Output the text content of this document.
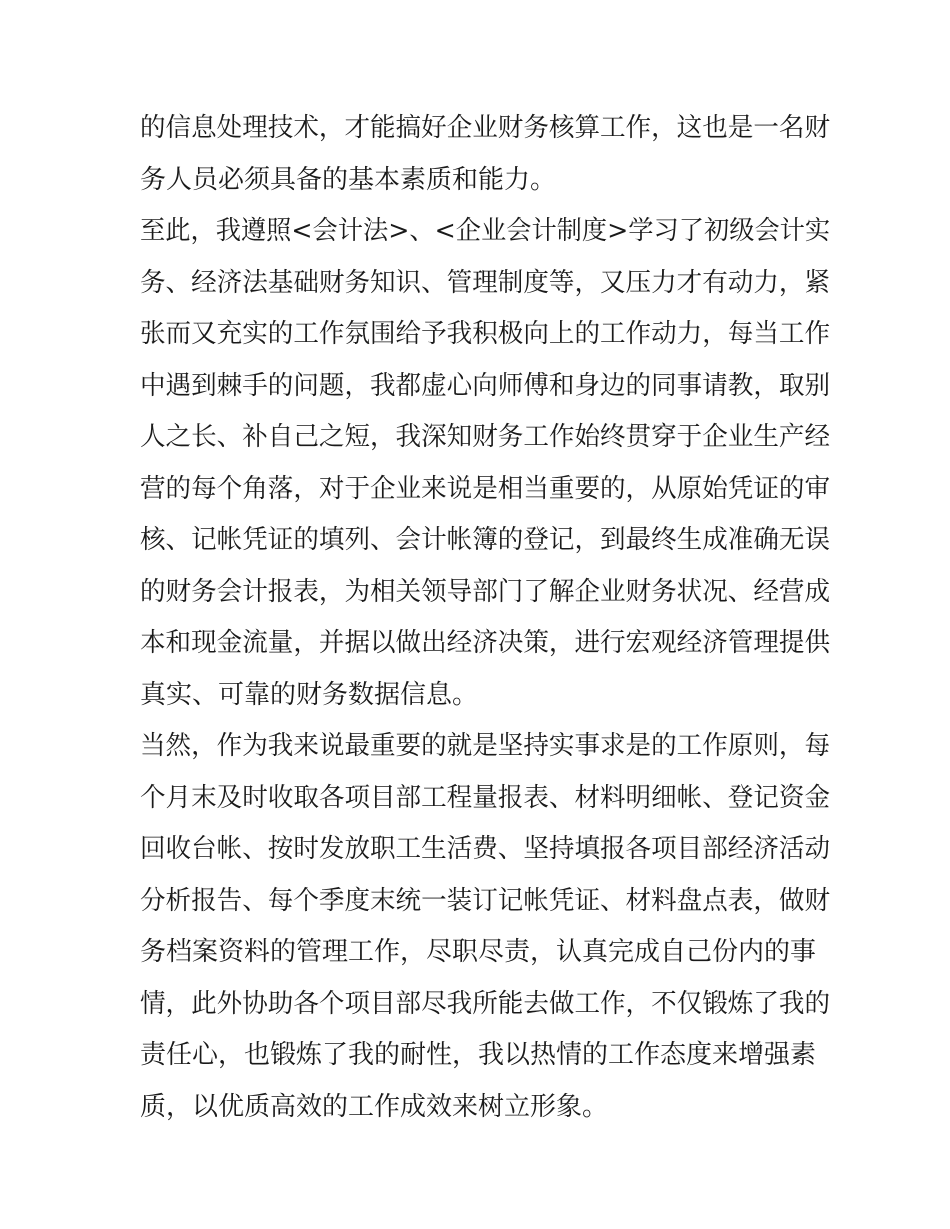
的信息处理技术，才能搞好企业财务核算工作，这也是一名财
务人员必须具备的基本素质和能力。
至此，我遵照<会计法>、<企业会计制度>学习了初级会计实
务、经济法基础财务知识、管理制度等，又压力才有动力，紧
张而又充实的工作氛围给予我积极向上的工作动力，每当工作
中遇到棘手的问题，我都虚心向师傅和身边的同事请教，取别
人之长、补自己之短，我深知财务工作始终贯穿于企业生产经
营的每个角落，对于企业来说是相当重要的，从原始凭证的审
核、记帐凭证的填列、会计帐簿的登记，到最终生成准确无误
的财务会计报表，为相关领导部门了解企业财务状况、经营成
本和现金流量，并据以做出经济决策，进行宏观经济管理提供
真实、可靠的财务数据信息。
当然，作为我来说最重要的就是坚持实事求是的工作原则，每
个月末及时收取各项目部工程量报表、材料明细帐、登记资金
回收台帐、按时发放职工生活费、坚持填报各项目部经济活动
分析报告、每个季度末统一装订记帐凭证、材料盘点表，做财
务档案资料的管理工作，尽职尽责，认真完成自己份内的事
情，此外协助各个项目部尽我所能去做工作，不仅锻炼了我的
责任心，也锻炼了我的耐性，我以热情的工作态度来增强素
质，以优质高效的工作成效来树立形象。
